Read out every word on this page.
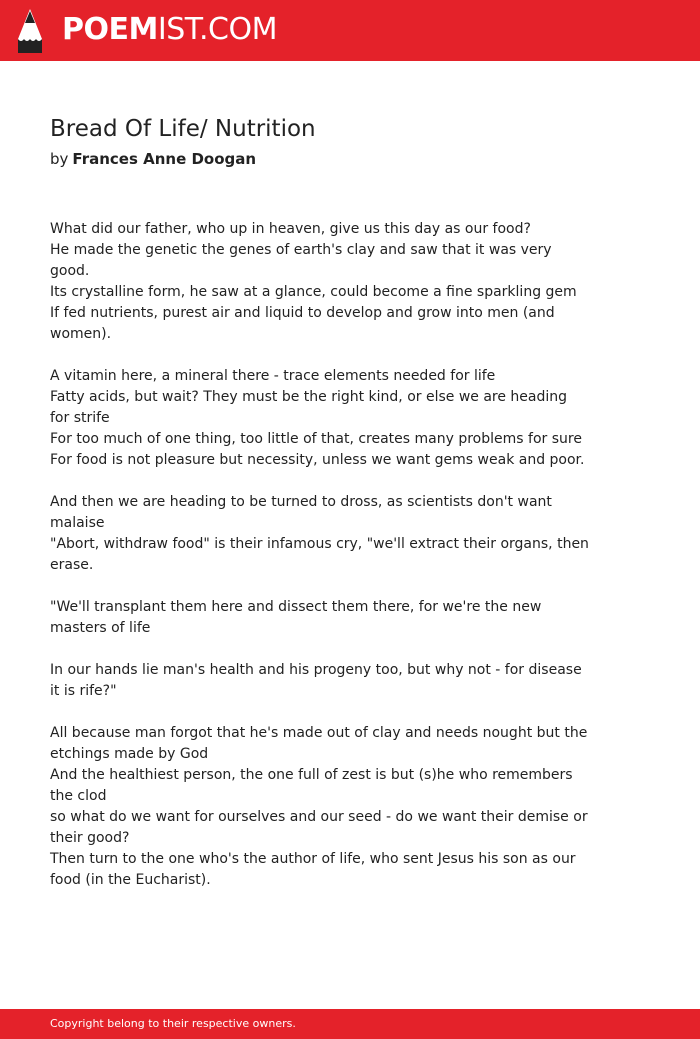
POEMIST.COM
Bread Of Life/ Nutrition
by Frances Anne Doogan
What did our father, who up in heaven, give us this day as our food?
He made the genetic the genes of earth's clay and saw that it was very good.
Its crystalline form, he saw at a glance, could become a fine sparkling gem
If fed nutrients, purest air and liquid to develop and grow into men (and women).

A vitamin here, a mineral there - trace elements needed for life
Fatty acids, but wait? They must be the right kind, or else we are heading for strife
For too much of one thing, too little of that, creates many problems for sure
For food is not pleasure but necessity, unless we want gems weak and poor.

And then we are heading to be turned to dross, as scientists don't want malaise
"Abort, withdraw food" is their infamous cry, "we'll extract their organs, then erase.

"We'll transplant them here and dissect them there, for we're the new masters of life

In our hands lie man's health and his progeny too, but why not - for disease it is rife?"

All because man forgot that he's made out of clay and needs nought but the etchings made by God
And the healthiest person, the one full of zest is but (s)he who remembers the clod
so what do we want for ourselves and our seed - do we want their demise or their good?
Then turn to the one who's the author of life, who sent Jesus his son as our food (in the Eucharist).
Copyright belong to their respective owners.
